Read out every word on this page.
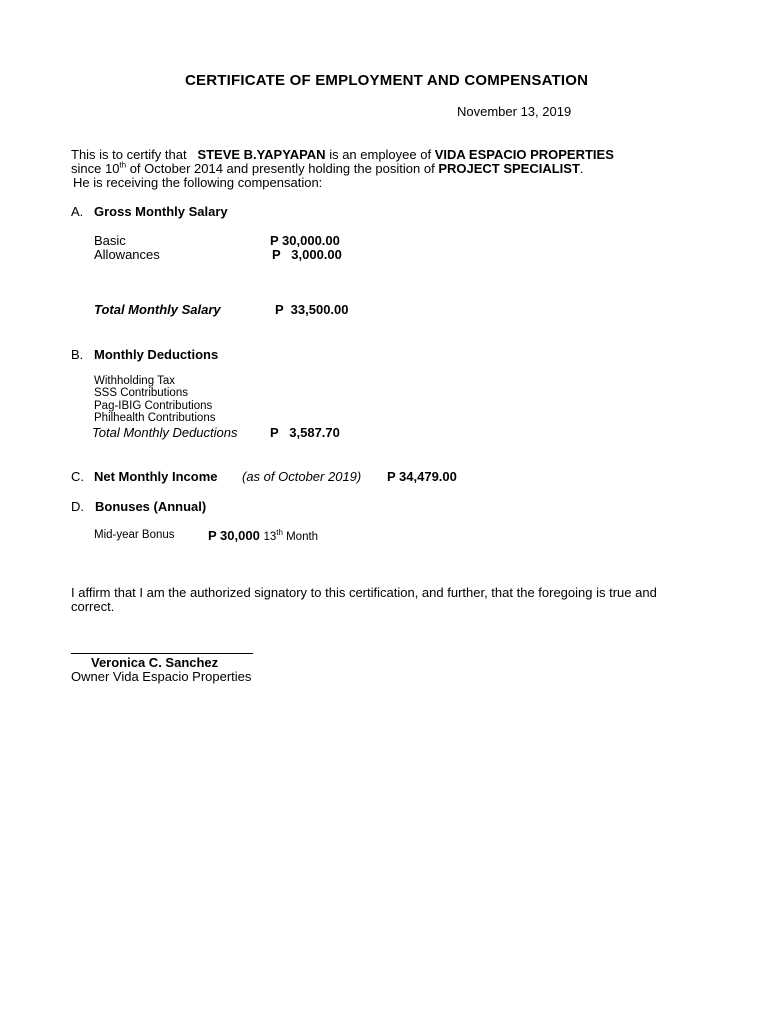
CERTIFICATE OF EMPLOYMENT AND COMPENSATION
November 13, 2019
This is to certify that STEVE B.YAPYAPAN is an employee of VIDA ESPACIO PROPERTIES
since 10th of October 2014 and presently holding the position of PROJECT SPECIALIST.
He is receiving the following compensation:
A. Gross Monthly Salary
Basic	P 30,000.00
Allowances	P   3,000.00
Total Monthly Salary	P  33,500.00
B. Monthly Deductions
Withholding Tax
SSS Contributions
Pag-IBIG Contributions
Philhealth Contributions
Total Monthly Deductions	P   3,587.70
C. Net Monthly Income (as of October 2019) P 34,479.00
D. Bonuses (Annual)
Mid-year Bonus	P 30,000 13th Month
I affirm that I am the authorized signatory to this certification, and further, that the foregoing is true and
correct.
Veronica C. Sanchez
Owner Vida Espacio Properties
